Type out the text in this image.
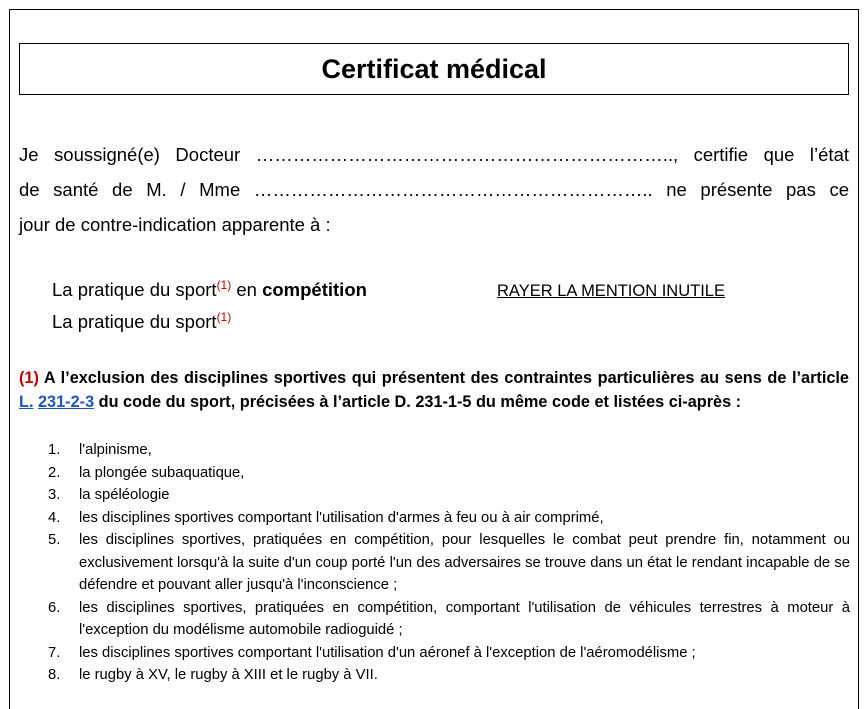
Certificat médical
Je soussigné(e) Docteur ………………………………………………………….., certifie que l’état
de santé de M. / Mme ……………………………………………………….. ne présente pas ce
jour de contre-indication apparente à :
La pratique du sport$^{(1)}$ en compétition	RAYER LA MENTION INUTILE
La pratique du sport$^{(1)}$
(1) A l’exclusion des disciplines sportives qui présentent des contraintes particulières au sens de l’article L. 231-2-3 du code du sport, précisées à l’article D. 231-1-5 du même code et listées ci-après :
1.	l'alpinisme,
2.	la plongée subaquatique,
3.	la spéléologie
4.	les disciplines sportives comportant l'utilisation d'armes à feu ou à air comprimé,
5.	les disciplines sportives, pratiquées en compétition, pour lesquelles le combat peut prendre fin, notamment ou exclusivement lorsqu'à la suite d'un coup porté l'un des adversaires se trouve dans un état le rendant incapable de se défendre et pouvant aller jusqu'à l'inconscience ;
6.	les disciplines sportives, pratiquées en compétition, comportant l'utilisation de véhicules terrestres à moteur à l'exception du modélisme automobile radioguidé ;
7.	les disciplines sportives comportant l'utilisation d'un aéronef à l'exception de l'aéromodélisme ;
8.	le rugby à XV, le rugby à XIII et le rugby à VII.
